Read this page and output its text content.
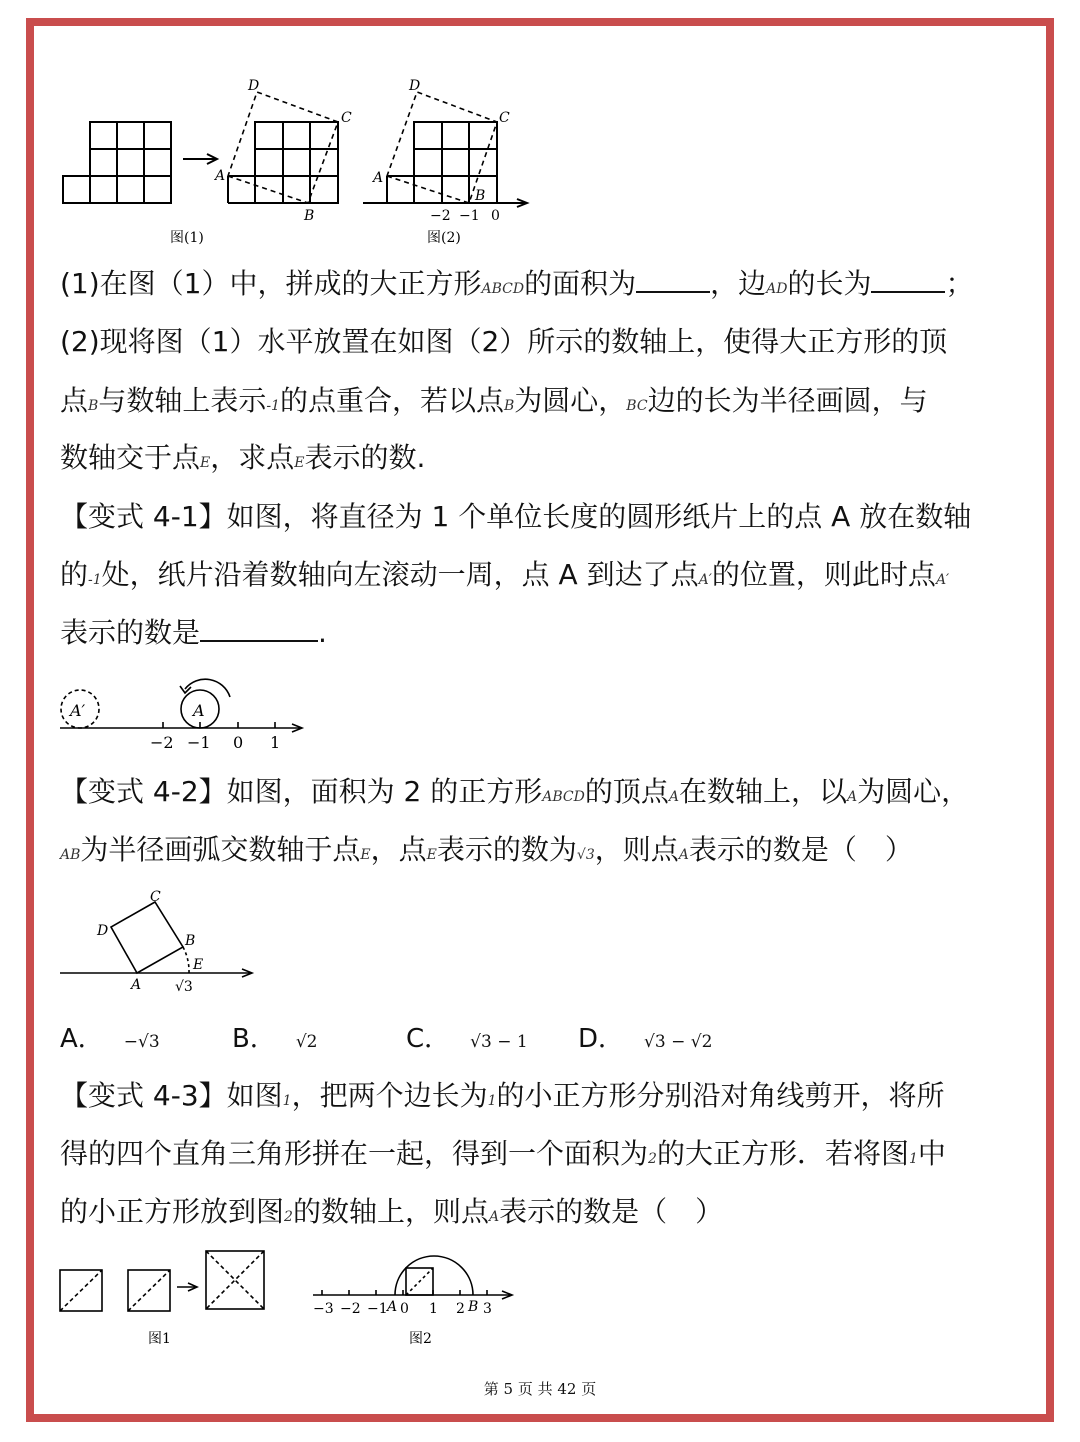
D
C
A
B
D
C
A
B
−2 −1 0
图(1)	图(2)
(1)在图（1）中，拼成的大正方形ABCD的面积为	，边AD的长为	；
(2)现将图（1）水平放置在如图（2）所示的数轴上，使得大正方形的顶
点B与数轴上表示-1的点重合，若以点B为圆心，BC边的长为半径画圆，与
数轴交于点E，求点E表示的数.
【变式 4-1】如图，将直径为 1 个单位长度的圆形纸片上的点 A 放在数轴
的-1处，纸片沿着数轴向左滚动一周，点 A 到达了点A′的位置，则此时点A′
表示的数是	.
A′	A
−2 −1 0 1
【变式 4-2】如图，面积为 2 的正方形ABCD的顶点A在数轴上，以A为圆心，
AB为半径画弧交数轴于点E，点E表示的数为√3，则点A表示的数是（　）
C
D
B
E
A √3
A． −√3	B． √2	C． √3 − 1 D． √3 − √2
【变式 4-3】如图1，把两个边长为1的小正方形分别沿对角线剪开，将所
得的四个直角三角形拼在一起，得到一个面积为2的大正方形．若将图1中
的小正方形放到图2的数轴上，则点A表示的数是（　）
−3 −2 −1 0 1 2 3
图1	图2
A	B
第 5 页 共 42 页
